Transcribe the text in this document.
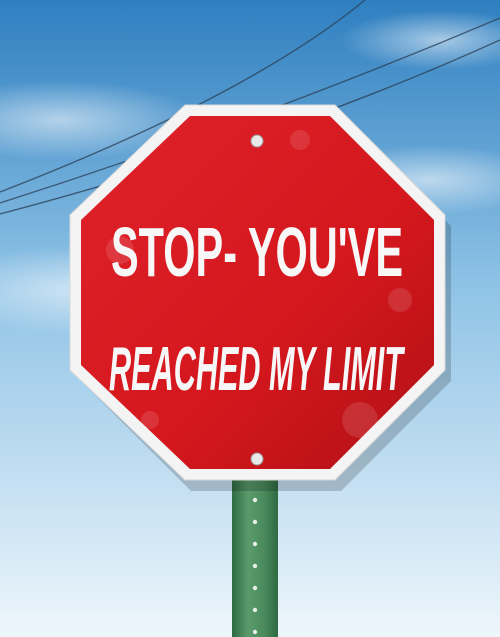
STOP- YOU'VE
REACHED MY LIMIT
